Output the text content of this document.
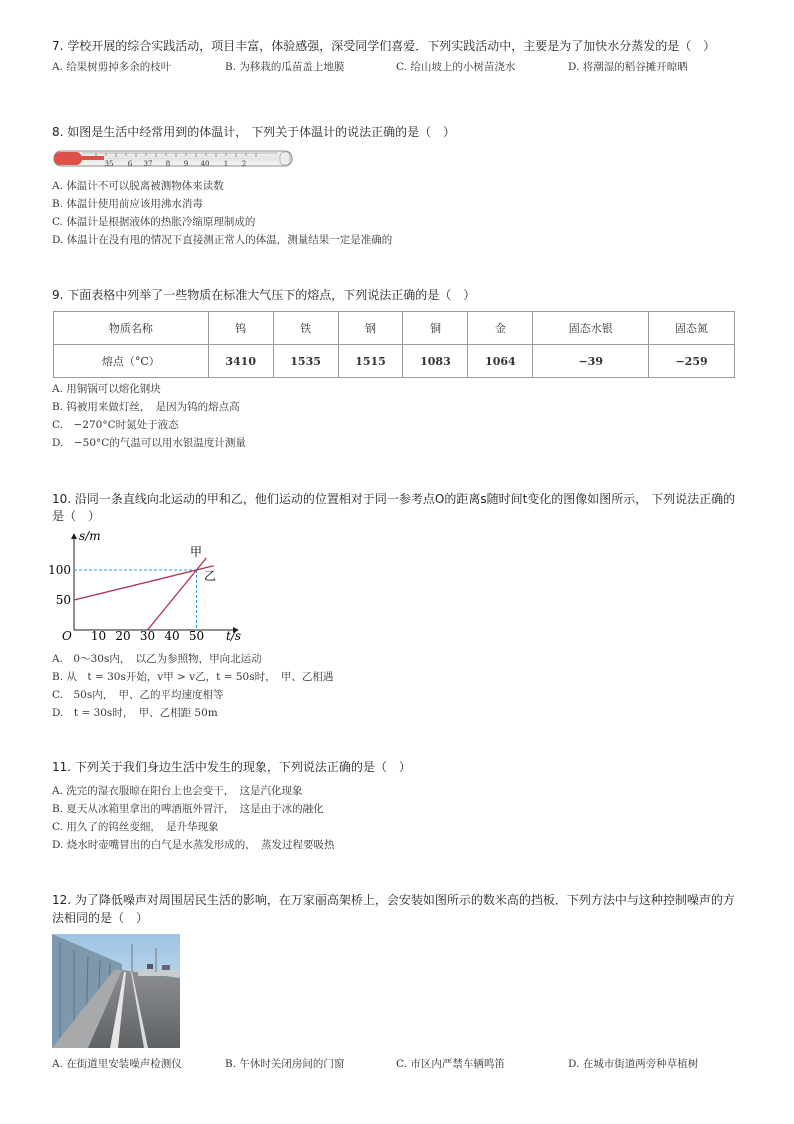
7. 学校开展的综合实践活动，项目丰富，体验感强，深受同学们喜爱．下列实践活动中，主要是为了加快水分蒸发的是（　）
A. 给果树剪掉多余的枝叶	B. 为移栽的瓜苗盖上地膜	C. 给山坡上的小树苗浇水	D. 将潮湿的稻谷摊开晾晒
8. 如图是生活中经常用到的体温计， 下列关于体温计的说法正确的是（　）
35 6 37 8 9 40 1 2
A. 体温计不可以脱离被测物体来读数
B. 体温计使用前应该用沸水消毒
C. 体温计是根据液体的热胀冷缩原理制成的
D. 体温计在没有甩的情况下直接测正常人的体温，测量结果一定是准确的
9. 下面表格中列举了一些物质在标准大气压下的熔点，下列说法正确的是（　）
物质名称	钨	铁	钢	铜	金	固态水银	固态氮
熔点（°C）	3410	1535	1515	1083	1064	−39	−259
A. 用铜锅可以熔化钢块
B. 钨被用来做灯丝，　是因为钨的熔点高
C.　−270°C时氮处于液态
D.　−50°C的气温可以用水银温度计测量
10. 沿同一条直线向北运动的甲和乙，他们运动的位置相对于同一参考点O的距离s随时间t变化的图像如图所示， 下列说法正确的
是（　）
s/m
t/s
O
100
50
10 20 30 40 50
甲
乙
A.　0～30s内，　以乙为参照物，甲向北运动
B. 从　t = 30s开始，v甲 > v乙，t = 50s时，　甲、乙相遇
C.　50s内，　甲、乙的平均速度相等
D.　t = 30s时，　甲、乙相距 50m
11. 下列关于我们身边生活中发生的现象，下列说法正确的是（　）
A. 洗完的湿衣服晾在阳台上也会变干，　这是汽化现象
B. 夏天从冰箱里拿出的啤酒瓶外冒汗，　这是由于冰的融化
C. 用久了的钨丝变细，　是升华现象
D. 烧水时壶嘴冒出的白气是水蒸发形成的，　蒸发过程要吸热
12. 为了降低噪声对周围居民生活的影响，在万家丽高架桥上，会安装如图所示的数米高的挡板．下列方法中与这种控制噪声的方
法相同的是（　）
A. 在街道里安装噪声检测仪	B. 午休时关闭房间的门窗	C. 市区内严禁车辆鸣笛	D. 在城市街道两旁种草植树
